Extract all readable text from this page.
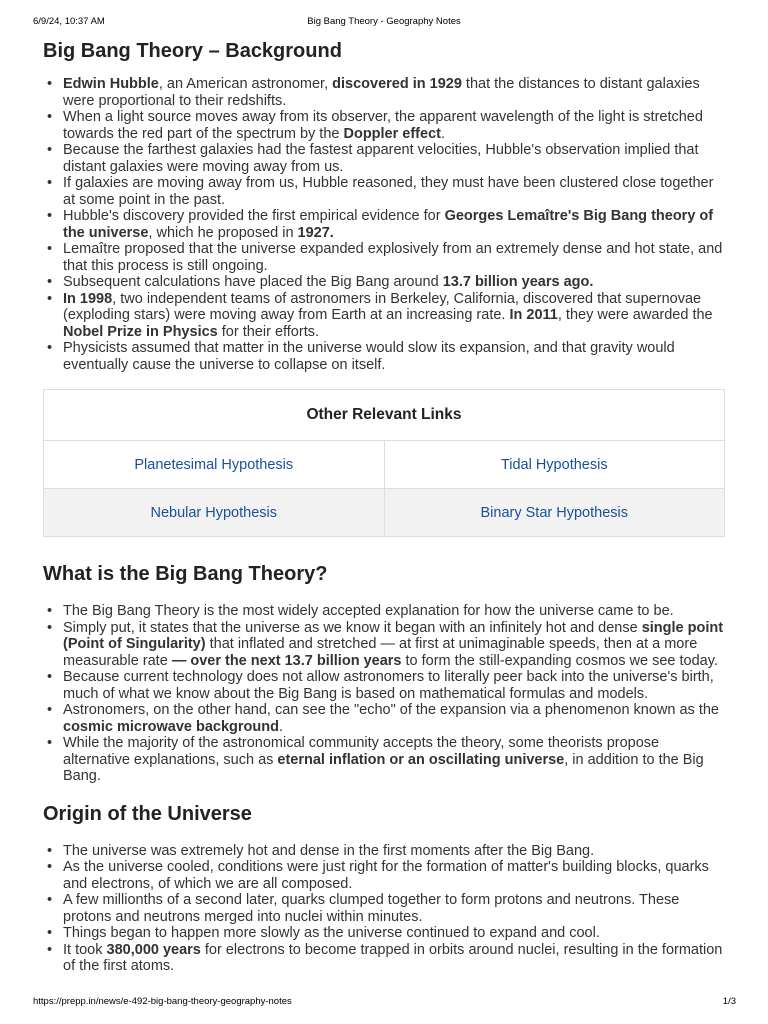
6/9/24, 10:37 AM	Big Bang Theory - Geography Notes
Big Bang Theory – Background
• Edwin Hubble, an American astronomer, discovered in 1929 that the distances to distant galaxies were proportional to their redshifts.
• When a light source moves away from its observer, the apparent wavelength of the light is stretched towards the red part of the spectrum by the Doppler effect.
• Because the farthest galaxies had the fastest apparent velocities, Hubble's observation implied that distant galaxies were moving away from us.
• If galaxies are moving away from us, Hubble reasoned, they must have been clustered close together at some point in the past.
• Hubble's discovery provided the first empirical evidence for Georges Lemaître's Big Bang theory of the universe, which he proposed in 1927.
• Lemaître proposed that the universe expanded explosively from an extremely dense and hot state, and that this process is still ongoing.
• Subsequent calculations have placed the Big Bang around 13.7 billion years ago.
• In 1998, two independent teams of astronomers in Berkeley, California, discovered that supernovae (exploding stars) were moving away from Earth at an increasing rate. In 2011, they were awarded the Nobel Prize in Physics for their efforts.
• Physicists assumed that matter in the universe would slow its expansion, and that gravity would eventually cause the universe to collapse on itself.
Other Relevant Links	
Planetesimal Hypothesis	Tidal Hypothesis
Nebular Hypothesis	Binary Star Hypothesis
What is the Big Bang Theory?
• The Big Bang Theory is the most widely accepted explanation for how the universe came to be.
• Simply put, it states that the universe as we know it began with an infinitely hot and dense single point (Point of Singularity) that inflated and stretched — at first at unimaginable speeds, then at a more measurable rate — over the next 13.7 billion years to form the still-expanding cosmos we see today.
• Because current technology does not allow astronomers to literally peer back into the universe's birth, much of what we know about the Big Bang is based on mathematical formulas and models.
• Astronomers, on the other hand, can see the "echo" of the expansion via a phenomenon known as the cosmic microwave background.
• While the majority of the astronomical community accepts the theory, some theorists propose alternative explanations, such as eternal inflation or an oscillating universe, in addition to the Big Bang.
Origin of the Universe
• The universe was extremely hot and dense in the first moments after the Big Bang.
• As the universe cooled, conditions were just right for the formation of matter's building blocks, quarks and electrons, of which we are all composed.
• A few millionths of a second later, quarks clumped together to form protons and neutrons. These protons and neutrons merged into nuclei within minutes.
• Things began to happen more slowly as the universe continued to expand and cool.
• It took 380,000 years for electrons to become trapped in orbits around nuclei, resulting in the formation of the first atoms.
https://prepp.in/news/e-492-big-bang-theory-geography-notes	1/3
